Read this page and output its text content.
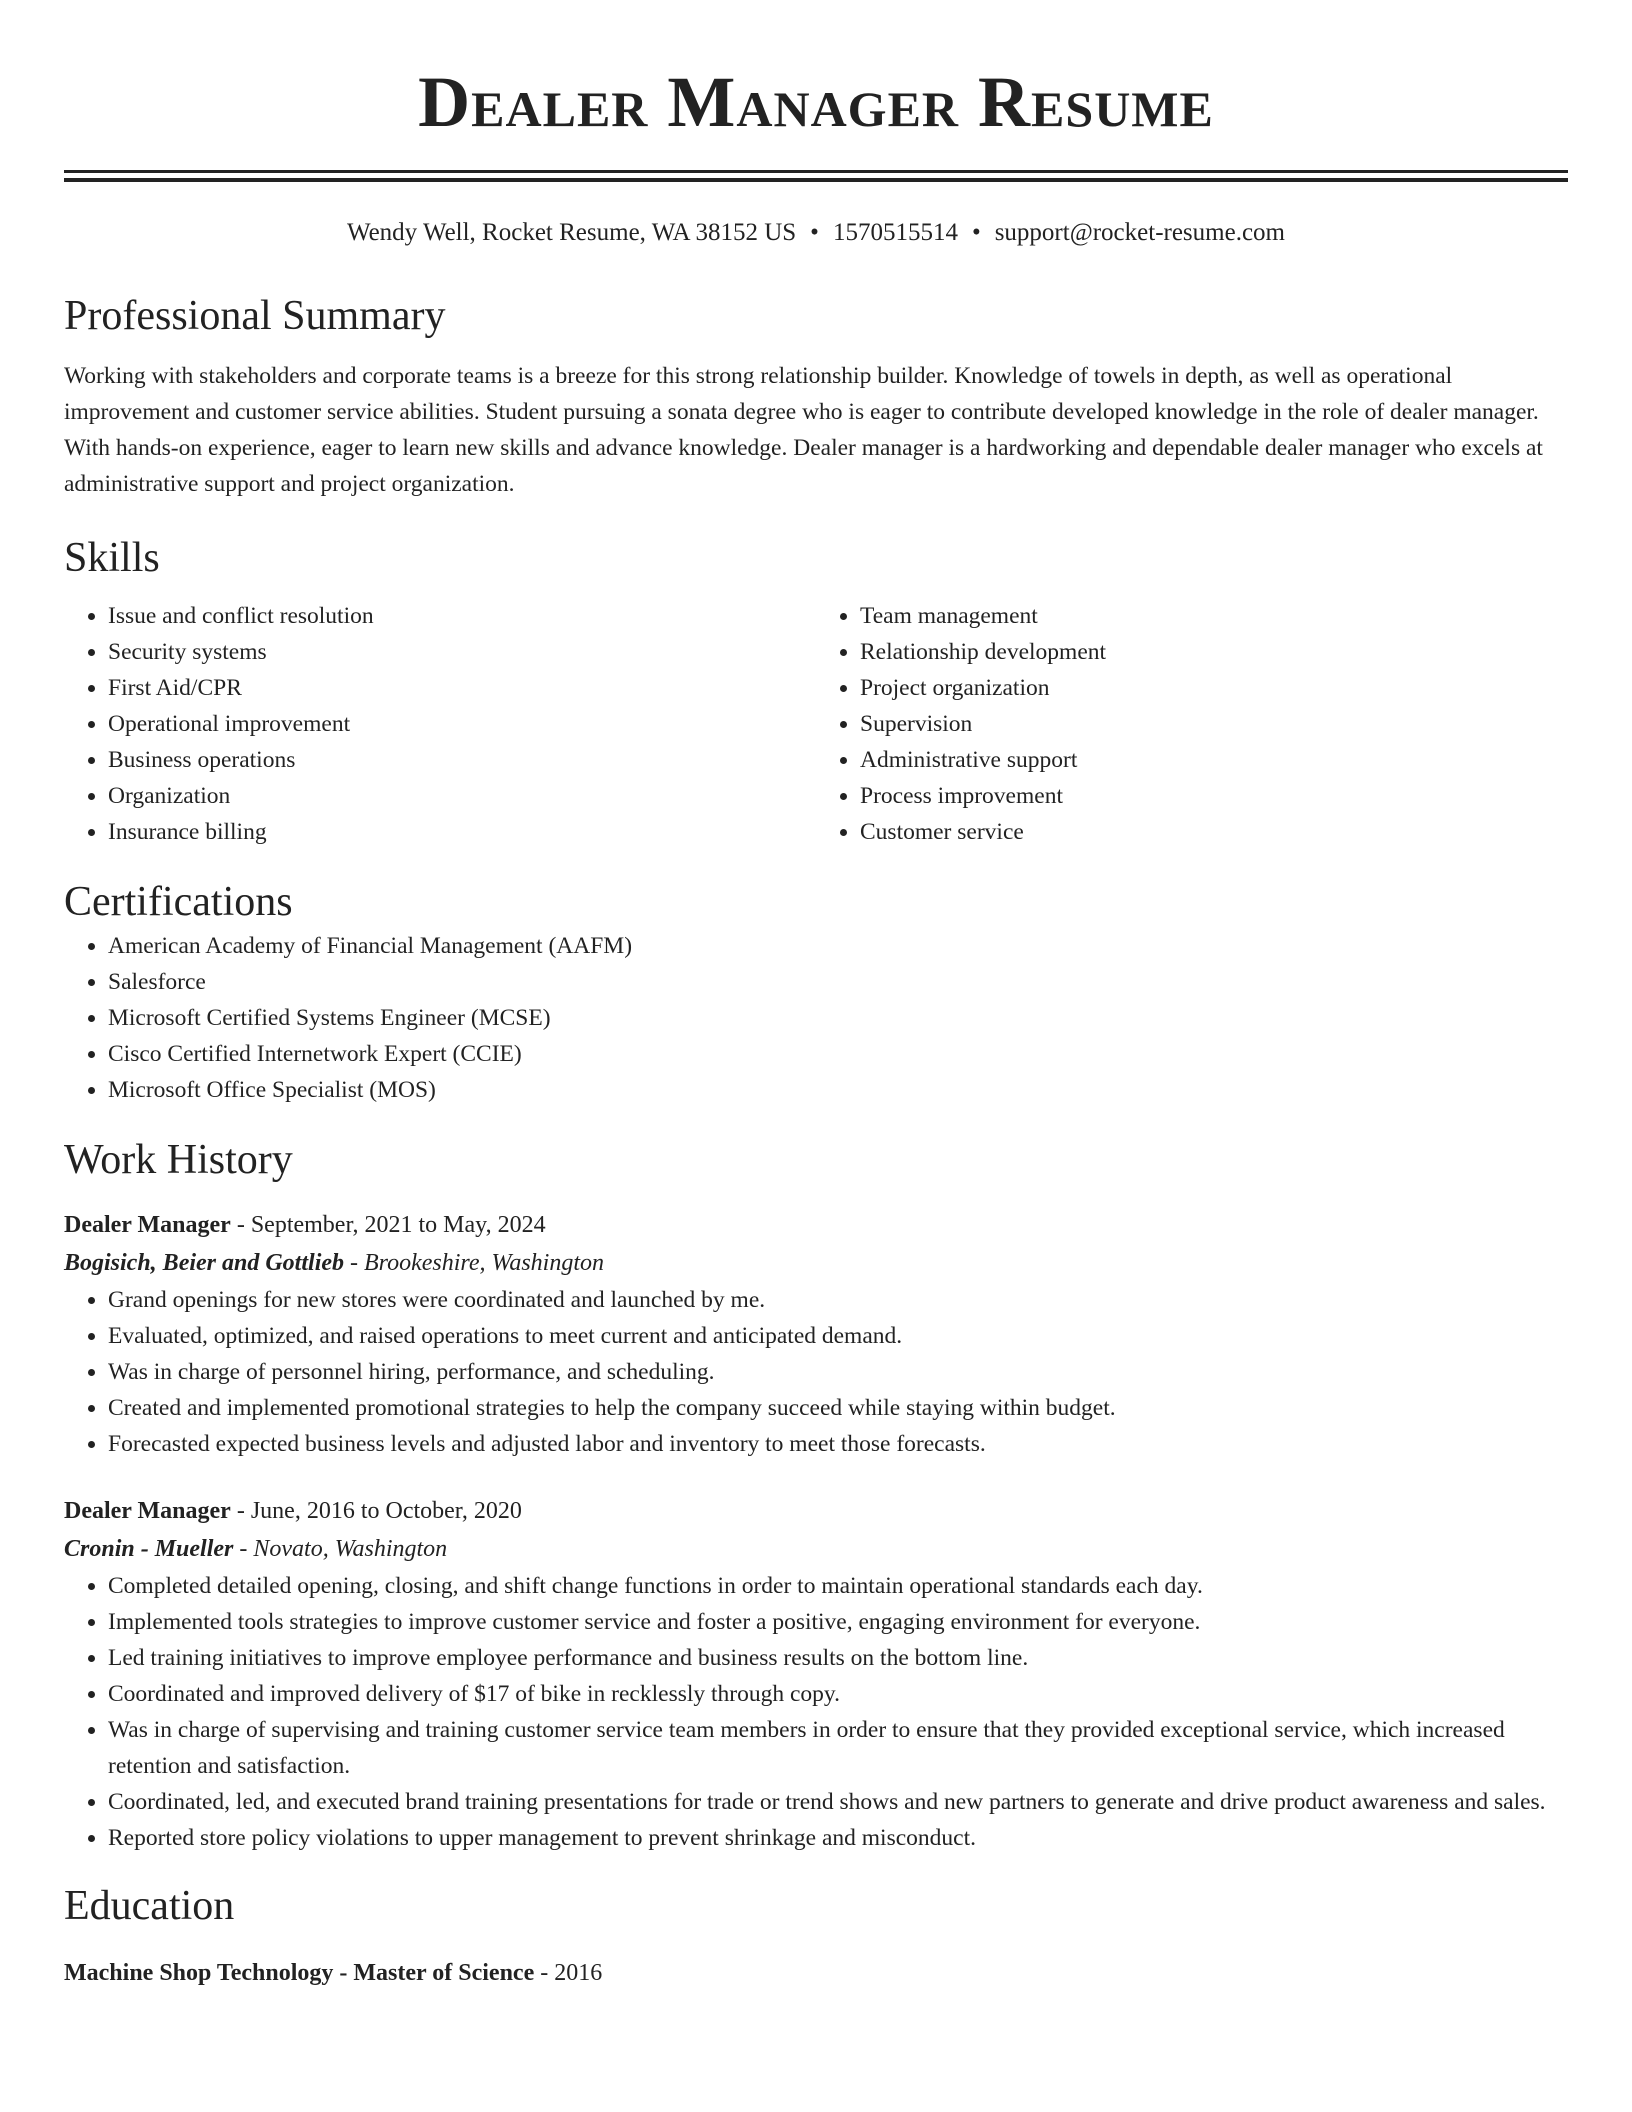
Dealer Manager Resume
Wendy Well, Rocket Resume, WA 38152 US • 1570515514 • support@rocket-resume.com
Professional Summary

Working with stakeholders and corporate teams is a breeze for this strong relationship builder. Knowledge of towels in depth, as well as operational improvement and customer service abilities. Student pursuing a sonata degree who is eager to contribute developed knowledge in the role of dealer manager. With hands-on experience, eager to learn new skills and advance knowledge. Dealer manager is a hardworking and dependable dealer manager who excels at administrative support and project organization.

Skills
• Issue and conflict resolution
• Security systems
• First Aid/CPR
• Operational improvement
• Business operations
• Organization
• Insurance billing
• Team management
• Relationship development
• Project organization
• Supervision
• Administrative support
• Process improvement
• Customer service
Certifications
• American Academy of Financial Management (AAFM)
• Salesforce
• Microsoft Certified Systems Engineer (MCSE)
• Cisco Certified Internetwork Expert (CCIE)
• Microsoft Office Specialist (MOS)
Work History
Dealer Manager - September, 2021 to May, 2024
Bogisich, Beier and Gottlieb - Brookeshire, Washington
• Grand openings for new stores were coordinated and launched by me.
• Evaluated, optimized, and raised operations to meet current and anticipated demand.
• Was in charge of personnel hiring, performance, and scheduling.
• Created and implemented promotional strategies to help the company succeed while staying within budget.
• Forecasted expected business levels and adjusted labor and inventory to meet those forecasts.
Dealer Manager - June, 2016 to October, 2020
Cronin - Mueller - Novato, Washington
• Completed detailed opening, closing, and shift change functions in order to maintain operational standards each day.
• Implemented tools strategies to improve customer service and foster a positive, engaging environment for everyone.
• Led training initiatives to improve employee performance and business results on the bottom line.
• Coordinated and improved delivery of $17 of bike in recklessly through copy.
• Was in charge of supervising and training customer service team members in order to ensure that they provided exceptional service, which increased retention and satisfaction.
• Coordinated, led, and executed brand training presentations for trade or trend shows and new partners to generate and drive product awareness and sales.
• Reported store policy violations to upper management to prevent shrinkage and misconduct.
Education
Machine Shop Technology - Master of Science - 2016
